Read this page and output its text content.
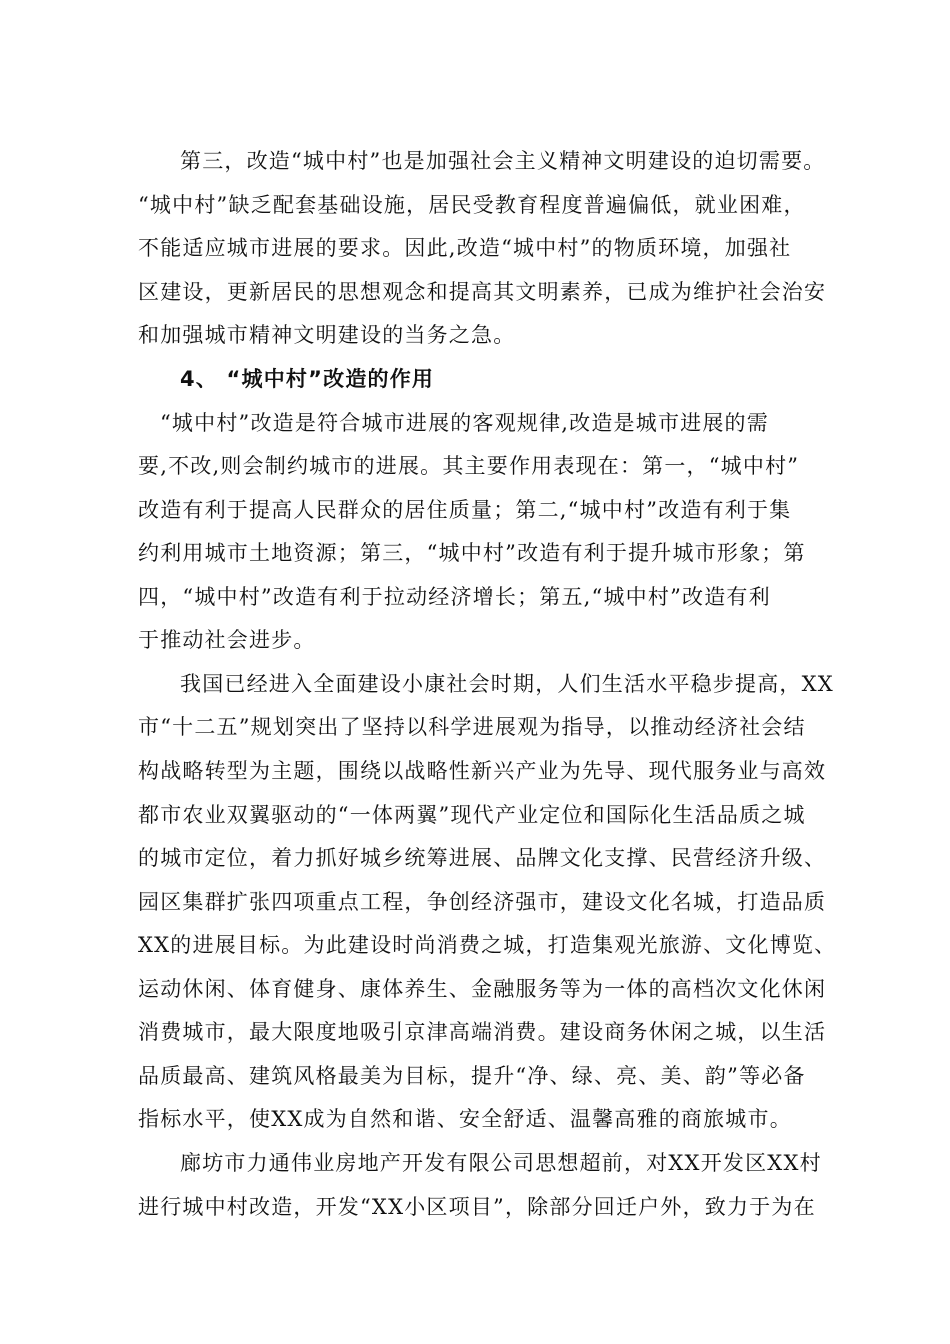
第三，改造“城中村”也是加强社会主义精神文明建设的迫切需要。
“城中村”缺乏配套基础设施，居民受教育程度普遍偏低，就业困难，
不能适应城市进展的要求。因此,改造“城中村”的物质环境，加强社
区建设，更新居民的思想观念和提高其文明素养，已成为维护社会治安
和加强城市精神文明建设的当务之急。
4、 “城中村”改造的作用
“城中村”改造是符合城市进展的客观规律,改造是城市进展的需
要,不改,则会制约城市的进展。其主要作用表现在：第一，“城中村”
改造有利于提高人民群众的居住质量；第二,“城中村”改造有利于集
约利用城市土地资源；第三，“城中村”改造有利于提升城市形象；第
四，“城中村”改造有利于拉动经济增长；第五,“城中村”改造有利
于推动社会进步。
我国已经进入全面建设小康社会时期，人们生活水平稳步提高，XX
市“十二五”规划突出了坚持以科学进展观为指导，以推动经济社会结
构战略转型为主题，围绕以战略性新兴产业为先导、现代服务业与高效
都市农业双翼驱动的“一体两翼”现代产业定位和国际化生活品质之城
的城市定位，着力抓好城乡统筹进展、品牌文化支撑、民营经济升级、
园区集群扩张四项重点工程，争创经济强市，建设文化名城，打造品质
XX的进展目标。为此建设时尚消费之城，打造集观光旅游、文化博览、
运动休闲、体育健身、康体养生、金融服务等为一体的高档次文化休闲
消费城市，最大限度地吸引京津高端消费。建设商务休闲之城，以生活
品质最高、建筑风格最美为目标，提升“净、绿、亮、美、韵”等必备
指标水平，使XX成为自然和谐、安全舒适、温馨高雅的商旅城市。
廊坊市力通伟业房地产开发有限公司思想超前，对XX开发区XX村
进行城中村改造，开发“XX小区项目”，除部分回迁户外，致力于为在
